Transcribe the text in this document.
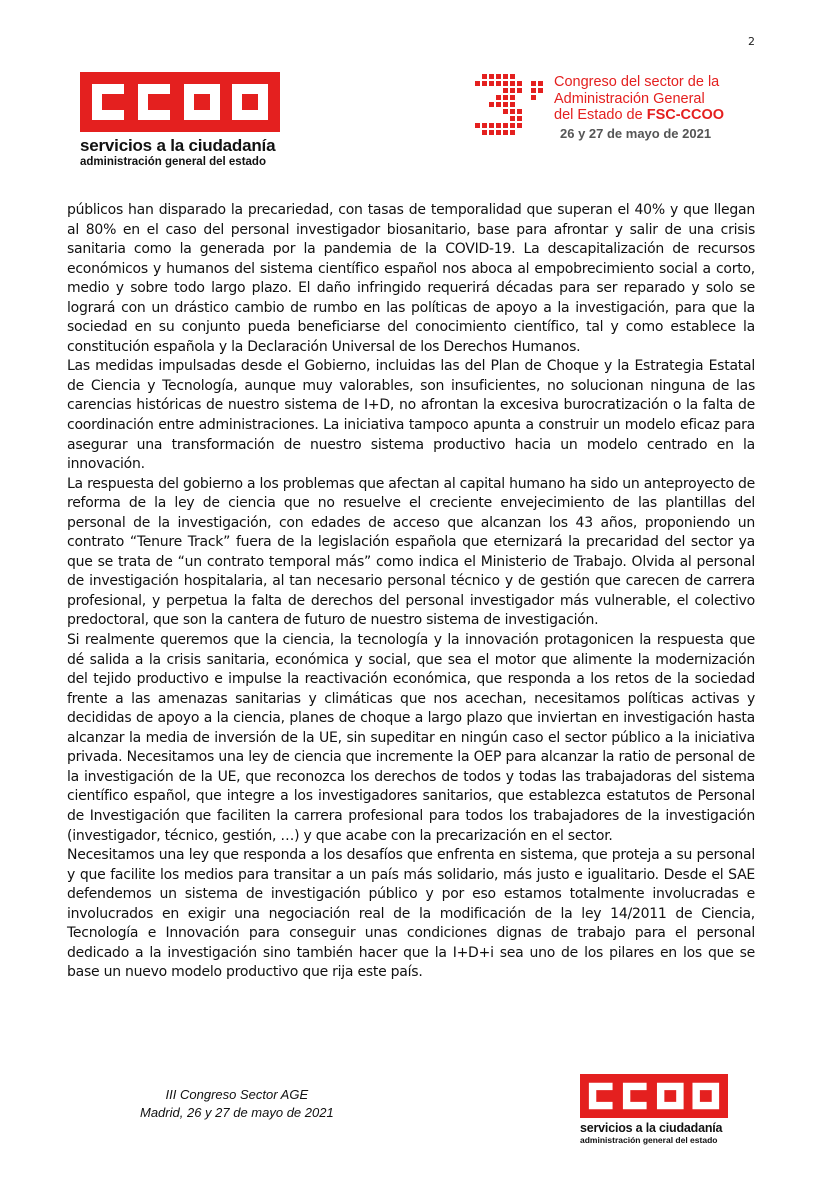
2
servicios a la ciudadanía
administración general del estado
Congreso del sector de la
Administración General
del Estado de FSC-CCOO
26 y 27 de mayo de 2021

públicos han disparado la precariedad, con tasas de temporalidad que superan el 40% y que llegan al 80% en el caso del personal investigador biosanitario, base para afrontar y salir de una crisis sanitaria como la generada por la pandemia de la COVID-19. La descapitalización de recursos económicos y humanos del sistema científico español nos aboca al empobrecimiento social a corto, medio y sobre todo largo plazo. El daño infringido requerirá décadas para ser reparado y solo se logrará con un drástico cambio de rumbo en las políticas de apoyo a la investigación, para que la sociedad en su conjunto pueda beneficiarse del conocimiento científico, tal y como establece la constitución española y la Declaración Universal de los Derechos Humanos.

Las medidas impulsadas desde el Gobierno, incluidas las del Plan de Choque y la Estrategia Estatal de Ciencia y Tecnología, aunque muy valorables, son insuficientes, no solucionan ninguna de las carencias históricas de nuestro sistema de I+D, no afrontan la excesiva burocratización o la falta de coordinación entre administraciones. La iniciativa tampoco apunta a construir un modelo eficaz para asegurar una transformación de nuestro sistema productivo hacia un modelo centrado en la innovación.

La respuesta del gobierno a los problemas que afectan al capital humano ha sido un anteproyecto de reforma de la ley de ciencia que no resuelve el creciente envejecimiento de las plantillas del personal de la investigación, con edades de acceso que alcanzan los 43 años, proponiendo un contrato “Tenure Track” fuera de la legislación española que eternizará la precaridad del sector ya que se trata de “un contrato temporal más” como indica el Ministerio de Trabajo. Olvida al personal de investigación hospitalaria, al tan necesario personal técnico y de gestión que carecen de carrera profesional, y perpetua la falta de derechos del personal investigador más vulnerable, el colectivo predoctoral, que son la cantera de futuro de nuestro sistema de investigación.

Si realmente queremos que la ciencia, la tecnología y la innovación protagonicen la respuesta que dé salida a la crisis sanitaria, económica y social, que sea el motor que alimente la modernización del tejido productivo e impulse la reactivación económica, que responda a los retos de la sociedad frente a las amenazas sanitarias y climáticas que nos acechan, necesitamos políticas activas y decididas de apoyo a la ciencia, planes de choque a largo plazo que inviertan en investigación hasta alcanzar la media de inversión de la UE, sin supeditar en ningún caso el sector público a la iniciativa privada. Necesitamos una ley de ciencia que incremente la OEP para alcanzar la ratio de personal de la investigación de la UE, que reconozca los derechos de todos y todas las trabajadoras del sistema científico español, que integre a los investigadores sanitarios, que establezca estatutos de Personal de Investigación que faciliten la carrera profesional para todos los trabajadores de la investigación (investigador, técnico, gestión, …) y que acabe con la precarización en el sector.

Necesitamos una ley que responda a los desafíos que enfrenta en sistema, que proteja a su personal y que facilite los medios para transitar a un país más solidario, más justo e igualitario. Desde el SAE defendemos un sistema de investigación público y por eso estamos totalmente involucradas e involucrados en exigir una negociación real de la modificación de la ley 14/2011 de Ciencia, Tecnología e Innovación para conseguir unas condiciones dignas de trabajo para el personal dedicado a la investigación sino también hacer que la I+D+i sea uno de los pilares en los que se base un nuevo modelo productivo que rija este país.

III Congreso Sector AGE
Madrid, 26 y 27 de mayo de 2021
servicios a la ciudadanía
administración general del estado
